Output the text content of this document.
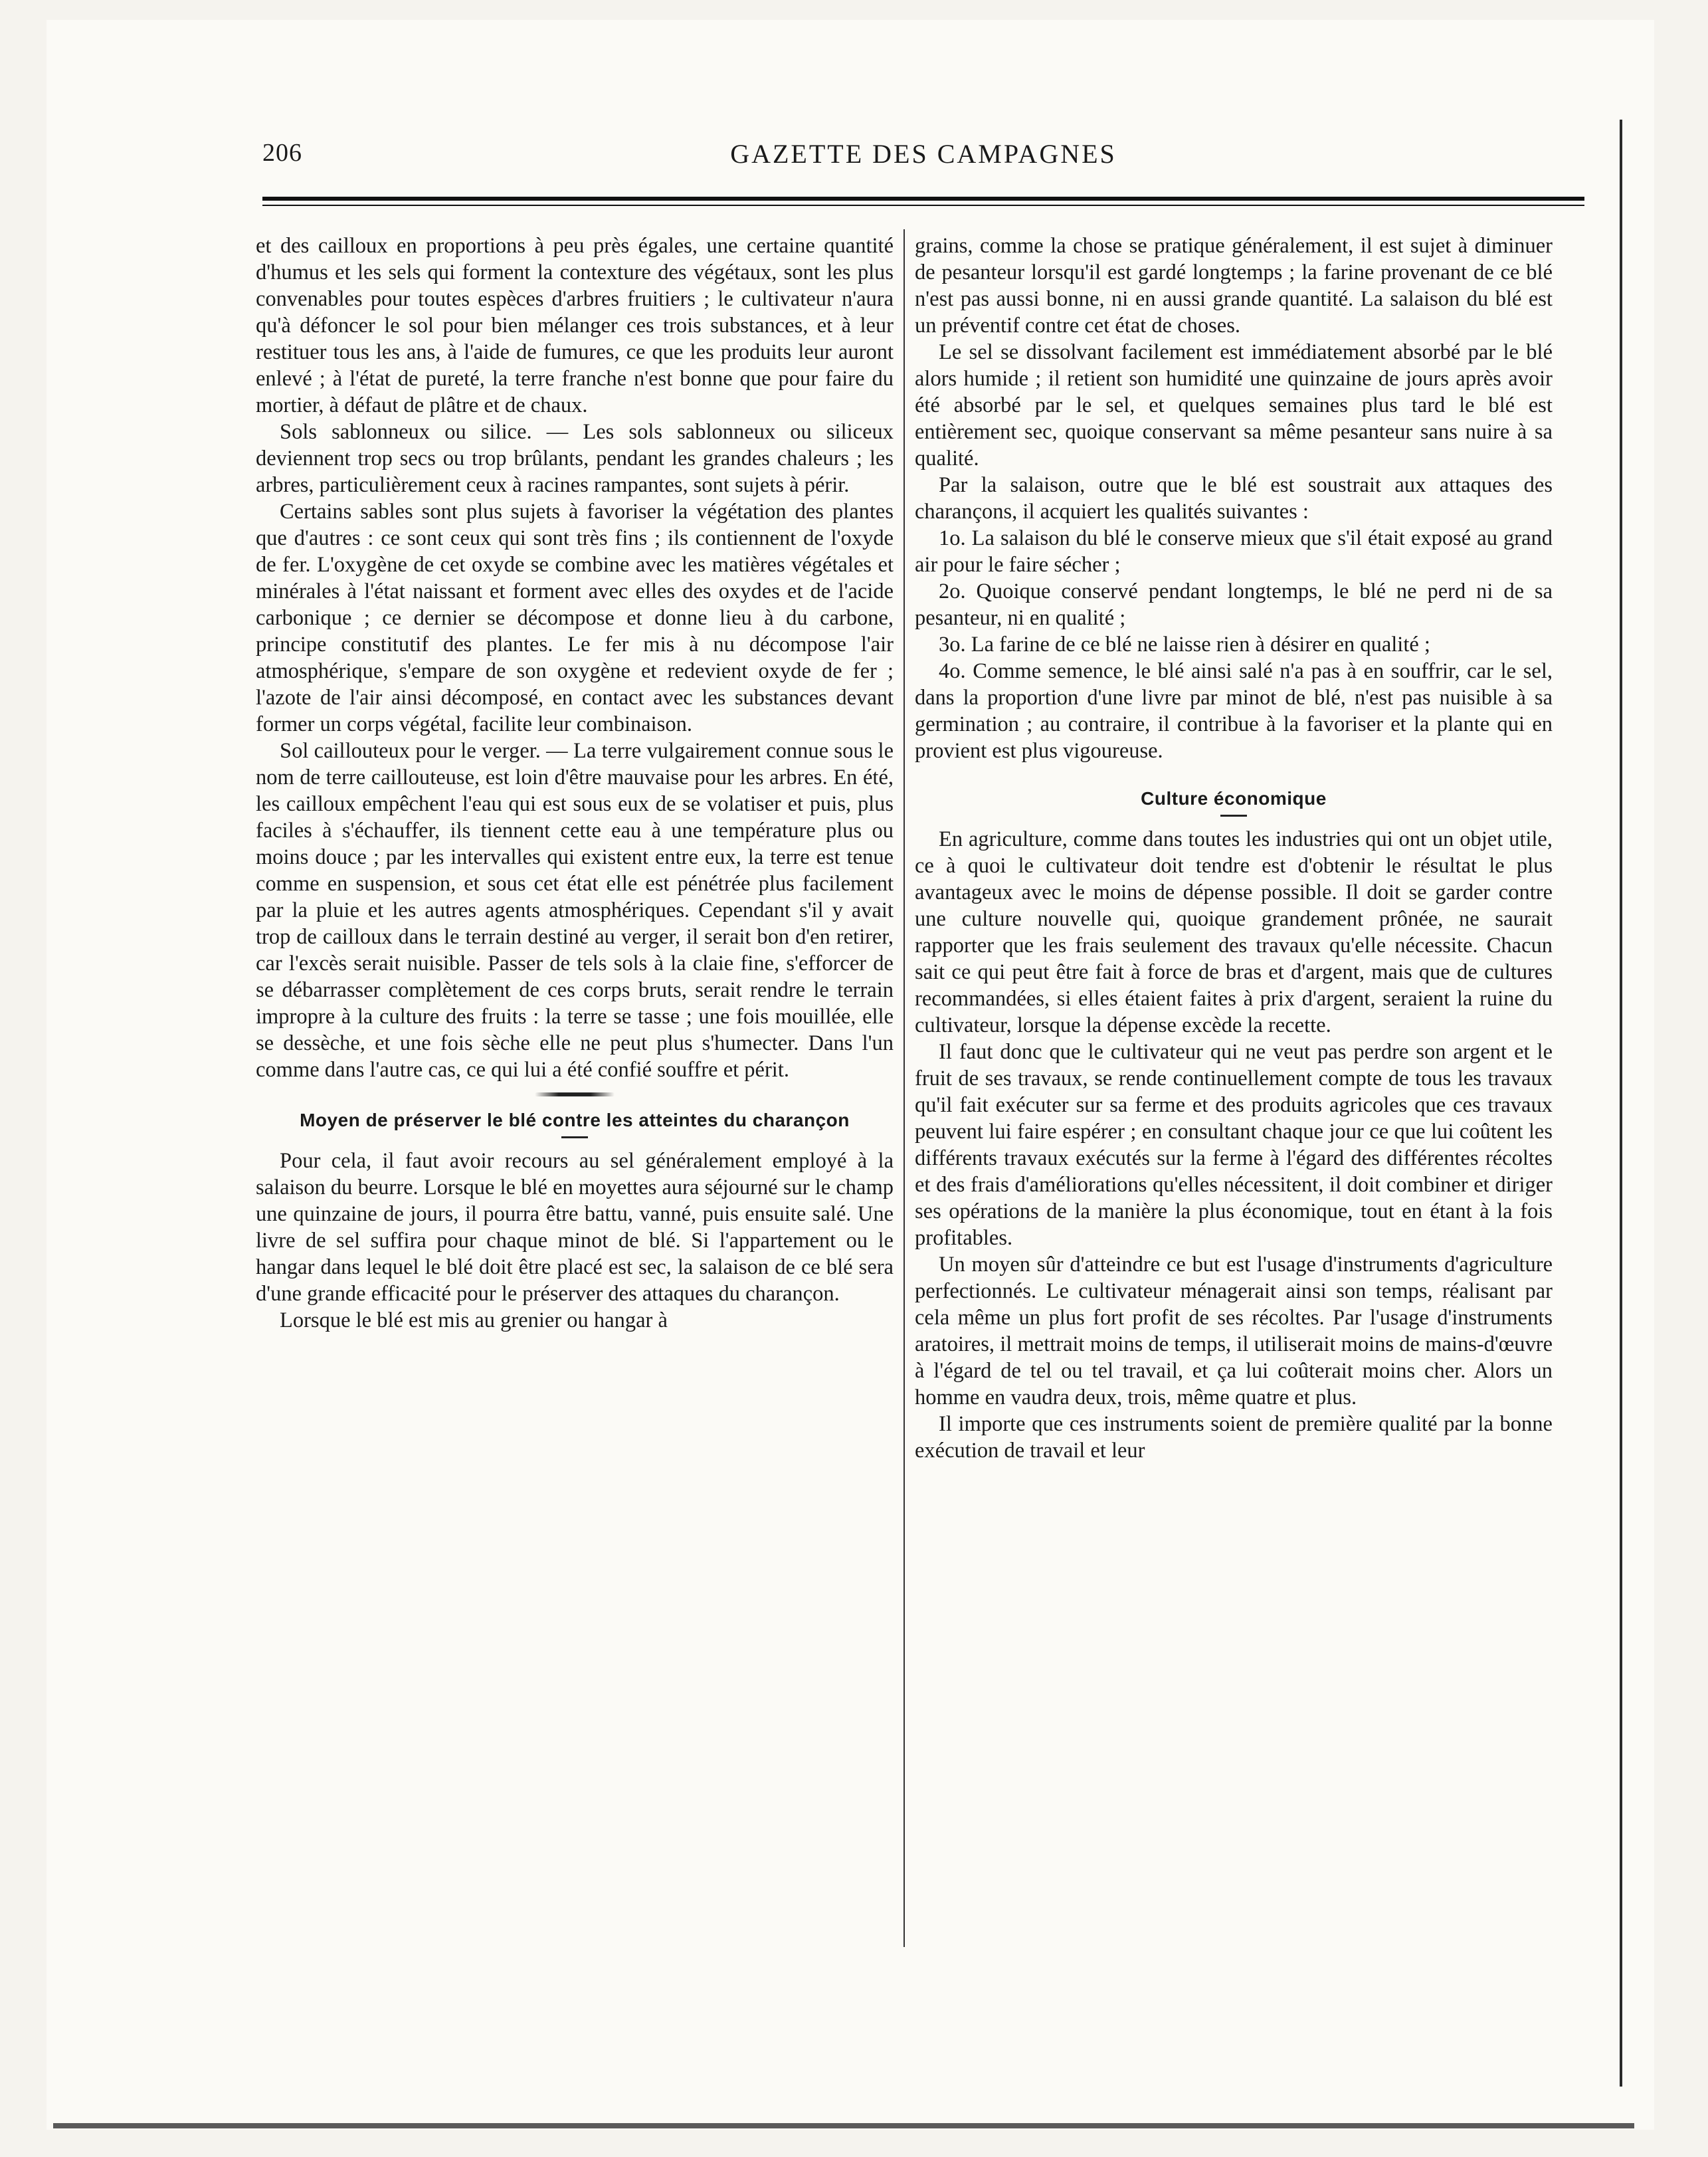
206	GAZETTE DES CAMPAGNES

et des cailloux en proportions à peu près égales, une certaine quantité d'humus et les sels qui forment la contexture des végétaux, sont les plus convenables pour toutes espèces d'arbres fruitiers ; le cultivateur n'aura qu'à défoncer le sol pour bien mélanger ces trois substances, et à leur restituer tous les ans, à l'aide de fumures, ce que les produits leur auront enlevé ; à l'état de pureté, la terre franche n'est bonne que pour faire du mortier, à défaut de plâtre et de chaux.

Sols sablonneux ou silice. — Les sols sablonneux ou siliceux deviennent trop secs ou trop brûlants, pendant les grandes chaleurs ; les arbres, particulièrement ceux à racines rampantes, sont sujets à périr.

Certains sables sont plus sujets à favoriser la végétation des plantes que d'autres : ce sont ceux qui sont très fins ; ils contiennent de l'oxyde de fer. L'oxygène de cet oxyde se combine avec les matières végétales et minérales à l'état naissant et forment avec elles des oxydes et de l'acide carbonique ; ce dernier se décompose et donne lieu à du carbone, principe constitutif des plantes. Le fer mis à nu décompose l'air atmosphérique, s'empare de son oxygène et redevient oxyde de fer ; l'azote de l'air ainsi décomposé, en contact avec les substances devant former un corps végétal, facilite leur combinaison.

Sol caillouteux pour le verger. — La terre vulgairement connue sous le nom de terre caillouteuse, est loin d'être mauvaise pour les arbres. En été, les cailloux empêchent l'eau qui est sous eux de se volatiser et puis, plus faciles à s'échauffer, ils tiennent cette eau à une température plus ou moins douce ; par les intervalles qui existent entre eux, la terre est tenue comme en suspension, et sous cet état elle est pénétrée plus facilement par la pluie et les autres agents atmosphériques. Cependant s'il y avait trop de cailloux dans le terrain destiné au verger, il serait bon d'en retirer, car l'excès serait nuisible. Passer de tels sols à la claie fine, s'efforcer de se débarrasser complètement de ces corps bruts, serait rendre le terrain impropre à la culture des fruits : la terre se tasse ; une fois mouillée, elle se dessèche, et une fois sèche elle ne peut plus s'humecter. Dans l'un comme dans l'autre cas, ce qui lui a été confié souffre et périt.

Moyen de préserver le blé contre les atteintes du charançon

Pour cela, il faut avoir recours au sel généralement employé à la salaison du beurre. Lorsque le blé en moyettes aura séjourné sur le champ une quinzaine de jours, il pourra être battu, vanné, puis ensuite salé. Une livre de sel suffira pour chaque minot de blé. Si l'appartement ou le hangar dans lequel le blé doit être placé est sec, la salaison de ce blé sera d'une grande efficacité pour le préserver des attaques du charançon.

Lorsque le blé est mis au grenier ou hangar à

grains, comme la chose se pratique généralement, il est sujet à diminuer de pesanteur lorsqu'il est gardé longtemps ; la farine provenant de ce blé n'est pas aussi bonne, ni en aussi grande quantité. La salaison du blé est un préventif contre cet état de choses.

Le sel se dissolvant facilement est immédiatement absorbé par le blé alors humide ; il retient son humidité une quinzaine de jours après avoir été absorbé par le sel, et quelques semaines plus tard le blé est entièrement sec, quoique conservant sa même pesanteur sans nuire à sa qualité.

Par la salaison, outre que le blé est soustrait aux attaques des charançons, il acquiert les qualités suivantes :

1o. La salaison du blé le conserve mieux que s'il était exposé au grand air pour le faire sécher ;

2o. Quoique conservé pendant longtemps, le blé ne perd ni de sa pesanteur, ni en qualité ;

3o. La farine de ce blé ne laisse rien à désirer en qualité ;

4o. Comme semence, le blé ainsi salé n'a pas à en souffrir, car le sel, dans la proportion d'une livre par minot de blé, n'est pas nuisible à sa germination ; au contraire, il contribue à la favoriser et la plante qui en provient est plus vigoureuse.

Culture économique

En agriculture, comme dans toutes les industries qui ont un objet utile, ce à quoi le cultivateur doit tendre est d'obtenir le résultat le plus avantageux avec le moins de dépense possible. Il doit se garder contre une culture nouvelle qui, quoique grandement prônée, ne saurait rapporter que les frais seulement des travaux qu'elle nécessite. Chacun sait ce qui peut être fait à force de bras et d'argent, mais que de cultures recommandées, si elles étaient faites à prix d'argent, seraient la ruine du cultivateur, lorsque la dépense excède la recette.

Il faut donc que le cultivateur qui ne veut pas perdre son argent et le fruit de ses travaux, se rende continuellement compte de tous les travaux qu'il fait exécuter sur sa ferme et des produits agricoles que ces travaux peuvent lui faire espérer ; en consultant chaque jour ce que lui coûtent les différents travaux exécutés sur la ferme à l'égard des différentes récoltes et des frais d'améliorations qu'elles nécessitent, il doit combiner et diriger ses opérations de la manière la plus économique, tout en étant à la fois profitables.

Un moyen sûr d'atteindre ce but est l'usage d'instruments d'agriculture perfectionnés. Le cultivateur ménagerait ainsi son temps, réalisant par cela même un plus fort profit de ses récoltes. Par l'usage d'instruments aratoires, il mettrait moins de temps, il utiliserait moins de mains-d'œuvre à l'égard de tel ou tel travail, et ça lui coûterait moins cher. Alors un homme en vaudra deux, trois, même quatre et plus.

Il importe que ces instruments soient de première qualité par la bonne exécution de travail et leur
